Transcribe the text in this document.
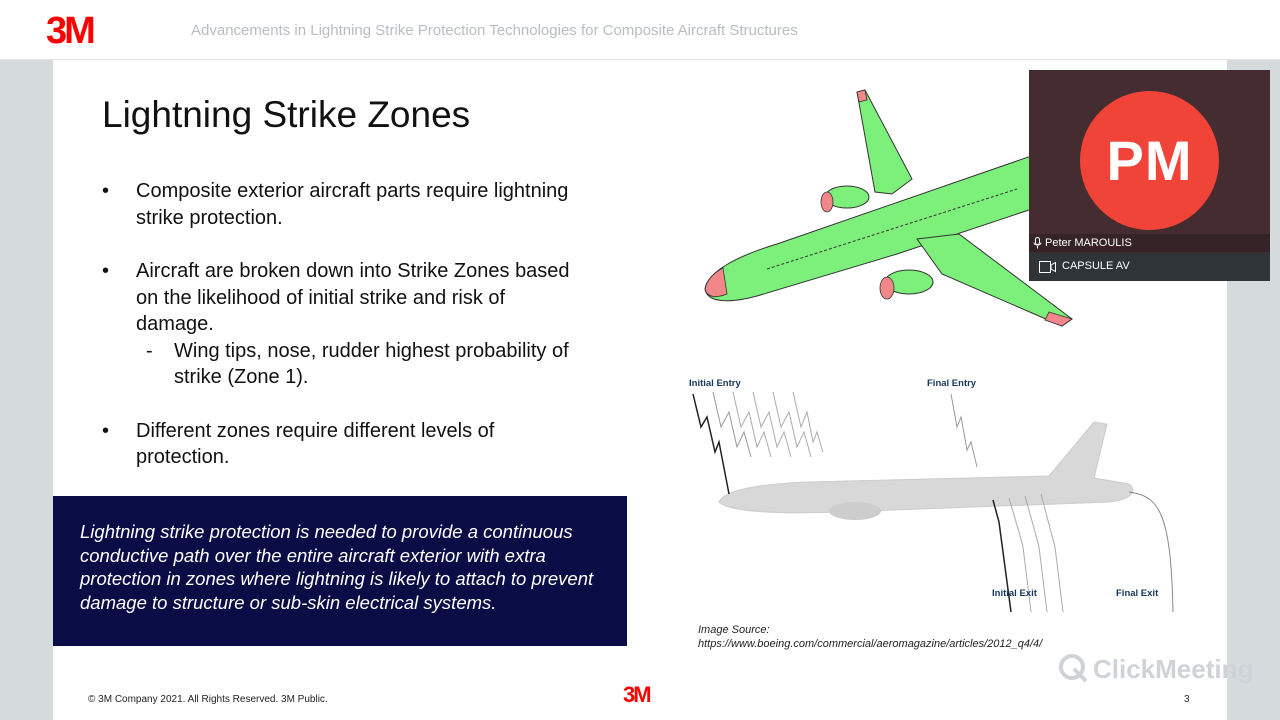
3M	Advancements in Lightning Strike Protection Technologies for Composite Aircraft Structures
Lightning Strike Zones
• Composite exterior aircraft parts require lightning strike protection.
• Aircraft are broken down into Strike Zones based on the likelihood of initial strike and risk of damage.
- Wing tips, nose, rudder highest probability of strike (Zone 1).
• Different zones require different levels of protection.
Lightning strike protection is needed to provide a continuous conductive path over the entire aircraft exterior with extra protection in zones where lightning is likely to attach to prevent damage to structure or sub-skin electrical systems.
Initial Entry	Final Entry
Initial Exit	Final Exit
Image Source:
https://www.boeing.com/commercial/aeromagazine/articles/2012_q4/4/
© 3M Company 2021. All Rights Reserved. 3M Public.	3M	3
ClickMeeting
PM
Peter MAROULIS
CAPSULE AV
